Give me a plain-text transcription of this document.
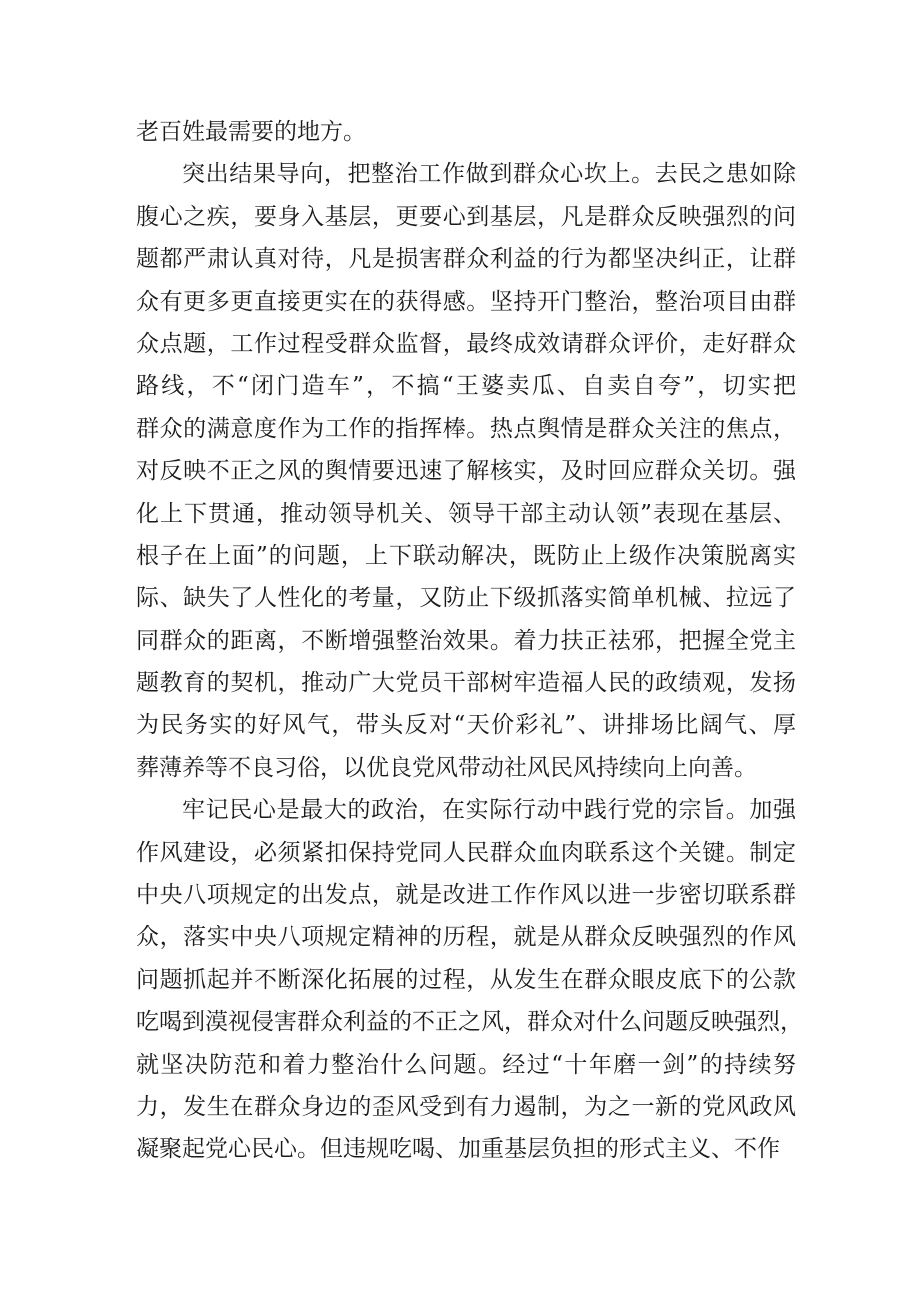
老百姓最需要的地方。
突出结果导向，把整治工作做到群众心坎上。去民之患如除
腹心之疾，要身入基层，更要心到基层，凡是群众反映强烈的问
题都严肃认真对待，凡是损害群众利益的行为都坚决纠正，让群
众有更多更直接更实在的获得感。坚持开门整治，整治项目由群
众点题，工作过程受群众监督，最终成效请群众评价，走好群众
路线，不“闭门造车”，不搞“王婆卖瓜、自卖自夸”，切实把
群众的满意度作为工作的指挥棒。热点舆情是群众关注的焦点，
对反映不正之风的舆情要迅速了解核实，及时回应群众关切。强
化上下贯通，推动领导机关、领导干部主动认领”表现在基层、
根子在上面”的问题，上下联动解决，既防止上级作决策脱离实
际、缺失了人性化的考量，又防止下级抓落实简单机械、拉远了
同群众的距离，不断增强整治效果。着力扶正祛邪，把握全党主
题教育的契机，推动广大党员干部树牢造福人民的政绩观，发扬
为民务实的好风气，带头反对“天价彩礼”、讲排场比阔气、厚
葬薄养等不良习俗，以优良党风带动社风民风持续向上向善。
牢记民心是最大的政治，在实际行动中践行党的宗旨。加强
作风建设，必须紧扣保持党同人民群众血肉联系这个关键。制定
中央八项规定的出发点，就是改进工作作风以进一步密切联系群
众，落实中央八项规定精神的历程，就是从群众反映强烈的作风
问题抓起并不断深化拓展的过程，从发生在群众眼皮底下的公款
吃喝到漠视侵害群众利益的不正之风，群众对什么问题反映强烈，
就坚决防范和着力整治什么问题。经过“十年磨一剑”的持续努
力，发生在群众身边的歪风受到有力遏制，为之一新的党风政风
凝聚起党心民心。但违规吃喝、加重基层负担的形式主义、不作
